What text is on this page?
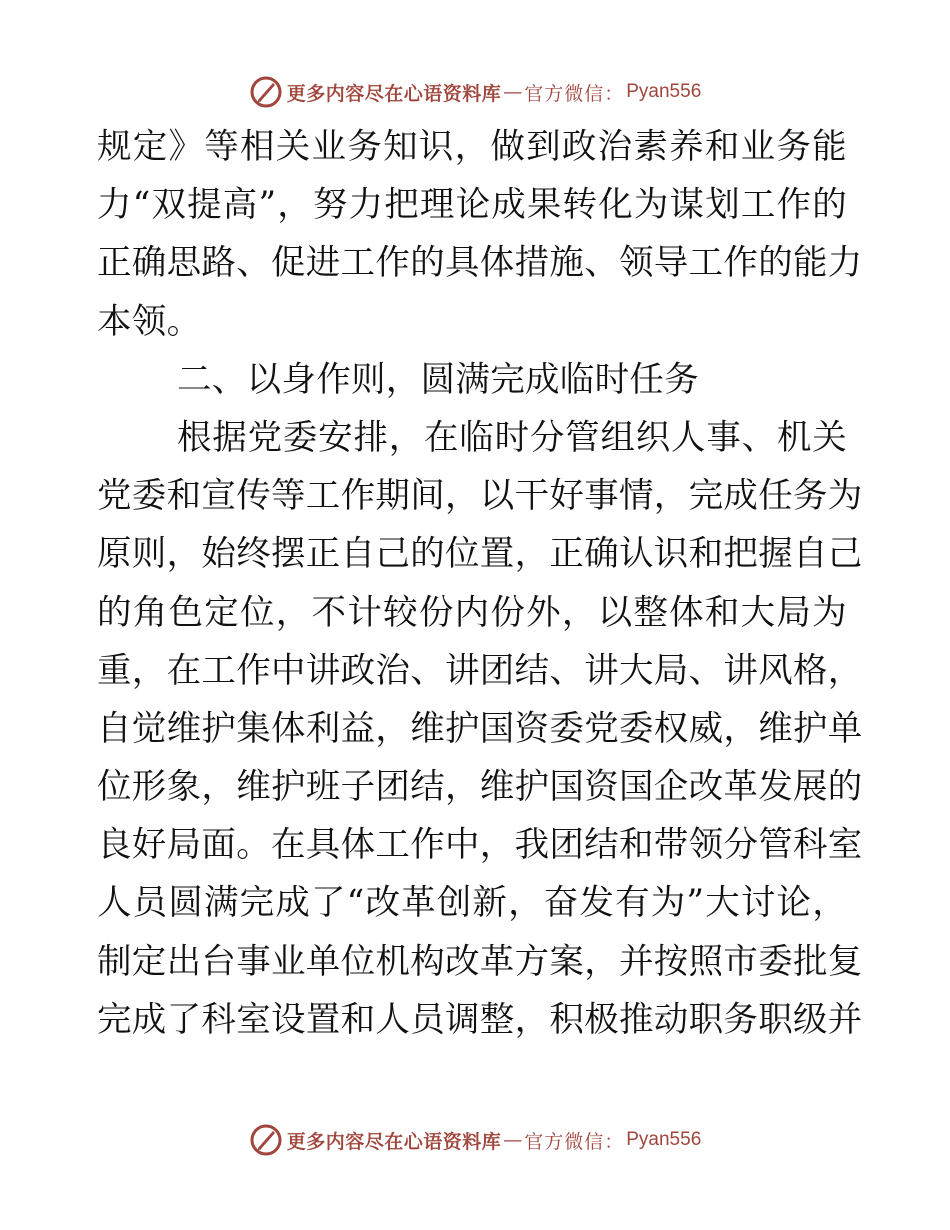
更多内容尽在心语资料库 — 官方微信： Pyan556
规定》等相关业务知识，做到政治素养和业务能
力“双提高”，努力把理论成果转化为谋划工作的
正确思路、促进工作的具体措施、领导工作的能力
本领。
二、以身作则，圆满完成临时任务
根据党委安排，在临时分管组织人事、机关
党委和宣传等工作期间，以干好事情，完成任务为
原则，始终摆正自己的位置，正确认识和把握自己
的角色定位，不计较份内份外，以整体和大局为
重，在工作中讲政治、讲团结、讲大局、讲风格，
自觉维护集体利益，维护国资委党委权威，维护单
位形象，维护班子团结，维护国资国企改革发展的
良好局面。在具体工作中，我团结和带领分管科室
人员圆满完成了“改革创新，奋发有为”大讨论，
制定出台事业单位机构改革方案，并按照市委批复
完成了科室设置和人员调整，积极推动职务职级并
更多内容尽在心语资料库 — 官方微信： Pyan556
